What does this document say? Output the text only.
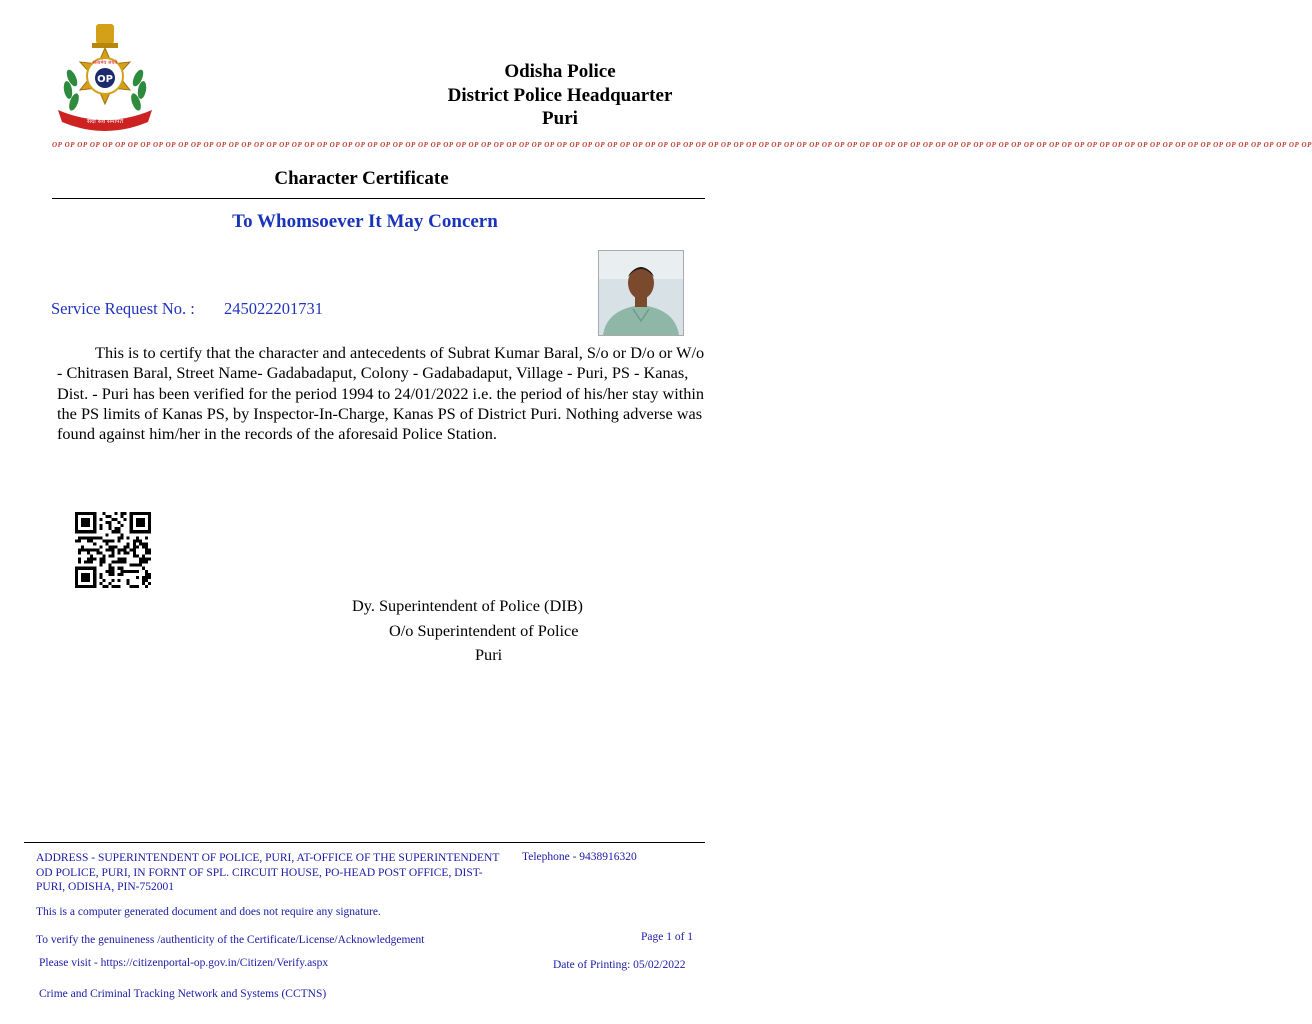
सत्यमेव जयते
OP
सदा सर्वे समर्पित
Odisha Police
District Police Headquarter
Puri
OP OP OP OP OP OP OP OP OP OP OP OP OP OP OP OP OP OP OP OP OP OP OP OP OP OP OP OP OP OP OP OP OP OP OP OP OP OP OP OP OP OP OP OP OP OP OP OP OP OP OP OP OP OP OP OP OP OP OP OP OP OP OP OP OP OP OP OP OP OP OP OP OP OP OP OP OP OP OP OP OP OP OP OP OP OP OP OP OP OP OP OP OP OP OP OP OP OP OP OP
Character Certificate
To Whomsoever It May Concern
Service Request No. : 245022201731
This is to certify that the character and antecedents of Subrat Kumar Baral, S/o or D/o or W/o - Chitrasen Baral, Street Name- Gadabadaput, Colony - Gadabadaput, Village - Puri, PS - Kanas, Dist. - Puri has been verified for the period 1994 to 24/01/2022 i.e. the period of his/her stay within the PS limits of Kanas PS, by Inspector-In-Charge, Kanas PS of District Puri. Nothing adverse was found against him/her in the records of the aforesaid Police Station.
Dy. Superintendent of Police (DIB)
O/o Superintendent of Police
Puri
ADDRESS - SUPERINTENDENT OF POLICE, PURI, AT-OFFICE OF THE SUPERINTENDENT OD POLICE, PURI, IN FORNT OF SPL. CIRCUIT HOUSE, PO-HEAD POST OFFICE, DIST-PURI, ODISHA, PIN-752001
Telephone - 9438916320
This is a computer generated document and does not require any signature.
To verify the genuineness /authenticity of the Certificate/License/Acknowledgement	Page 1 of 1
Please visit - https://citizenportal-op.gov.in/Citizen/Verify.aspx	Date of Printing: 05/02/2022
Crime and Criminal Tracking Network and Systems (CCTNS)
